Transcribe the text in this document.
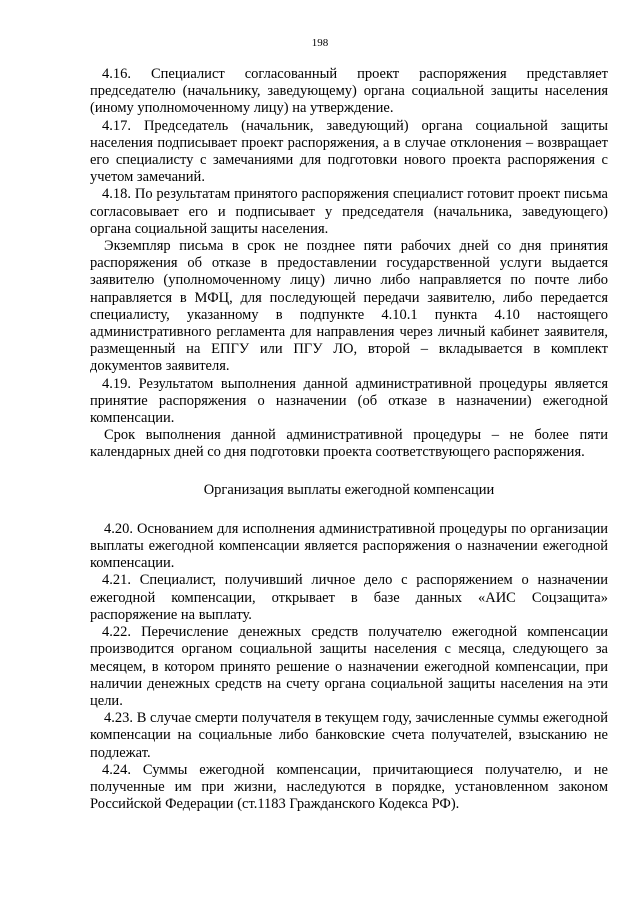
198

4.16. Специалист согласованный проект распоряжения представляет председателю (начальнику, заведующему) органа социальной защиты населения (иному уполномоченному лицу) на утверждение.

4.17. Председатель (начальник, заведующий) органа социальной защиты населения подписывает проект распоряжения, а в случае отклонения – возвращает его специалисту с замечаниями для подготовки нового проекта распоряжения с учетом замечаний.

4.18. По результатам принятого распоряжения специалист готовит проект письма согласовывает его и подписывает у председателя (начальника, заведующего) органа социальной защиты населения.

Экземпляр письма в срок не позднее пяти рабочих дней со дня принятия распоряжения об отказе в предоставлении государственной услуги выдается заявителю (уполномоченному лицу) лично либо направляется по почте либо направляется в МФЦ, для последующей передачи заявителю, либо передается специалисту, указанному в подпункте 4.10.1 пункта 4.10 настоящего административного регламента для направления через личный кабинет заявителя, размещенный на ЕПГУ или ПГУ ЛО, второй – вкладывается в комплект документов заявителя.

4.19. Результатом выполнения данной административной процедуры является принятие распоряжения о назначении (об отказе в назначении) ежегодной компенсации.

Срок выполнения данной административной процедуры – не более пяти календарных дней со дня подготовки проекта соответствующего распоряжения.

Организация выплаты ежегодной компенсации

4.20. Основанием для исполнения административной процедуры по организации выплаты ежегодной компенсации является распоряжения о назначении ежегодной компенсации.

4.21. Специалист, получивший личное дело с распоряжением о назначении ежегодной компенсации, открывает в базе данных «АИС Соцзащита» распоряжение на выплату.

4.22. Перечисление денежных средств получателю ежегодной компенсации производится органом социальной защиты населения с месяца, следующего за месяцем, в котором принято решение о назначении ежегодной компенсации, при наличии денежных средств на счету органа социальной защиты населения на эти цели.

4.23. В случае смерти получателя в текущем году, зачисленные суммы ежегодной компенсации на социальные либо банковские счета получателей, взысканию не подлежат.

4.24. Суммы ежегодной компенсации, причитающиеся получателю, и не полученные им при жизни, наследуются в порядке, установленном законом Российской Федерации (ст.1183 Гражданского Кодекса РФ).
